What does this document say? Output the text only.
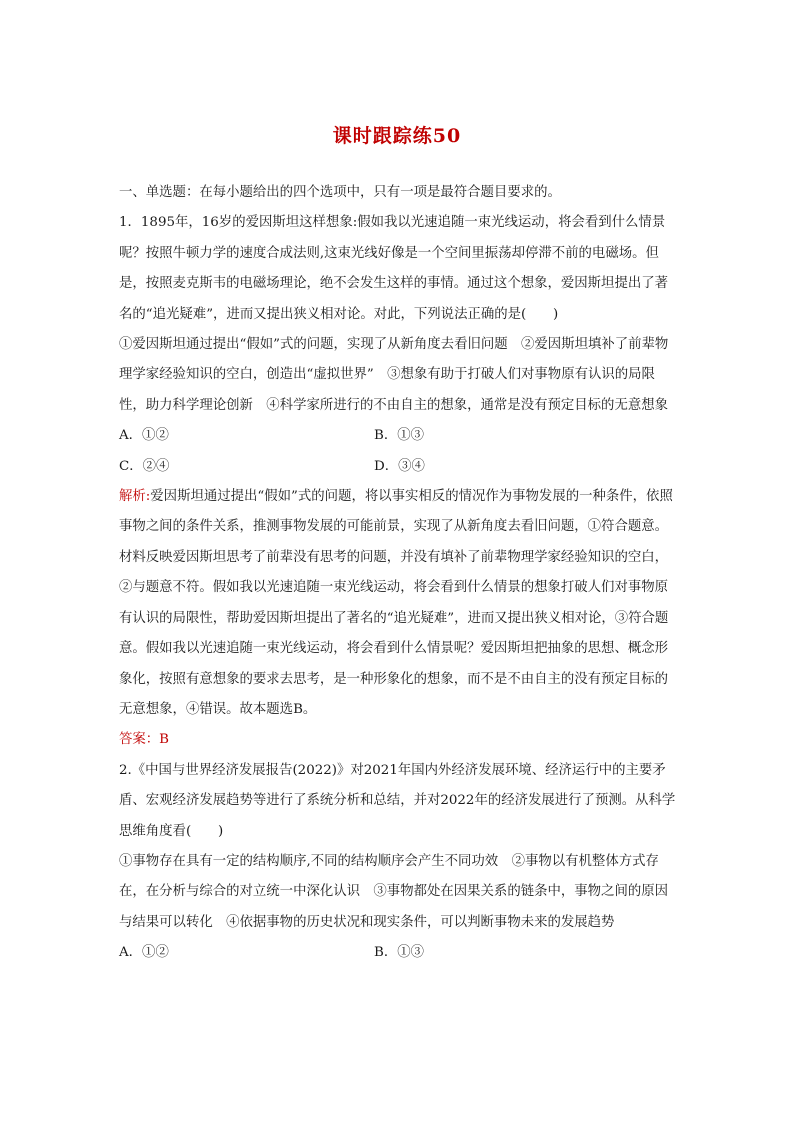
课时跟踪练50

一、单选题：在每小题给出的四个选项中，只有一项是最符合题目要求的。

1．1895年，16岁的爱因斯坦这样想象:假如我以光速追随一束光线运动，将会看到什么情景呢？按照牛顿力学的速度合成法则,这束光线好像是一个空间里振荡却停滞不前的电磁场。但是，按照麦克斯韦的电磁场理论，绝不会发生这样的事情。通过这个想象，爱因斯坦提出了著名的“追光疑难”，进而又提出狭义相对论。对此，下列说法正确的是(　　)

①爱因斯坦通过提出“假如”式的问题，实现了从新角度去看旧问题　②爱因斯坦填补了前辈物理学家经验知识的空白，创造出“虚拟世界”　③想象有助于打破人们对事物原有认识的局限性，助力科学理论创新　④科学家所进行的不由自主的想象，通常是没有预定目标的无意想象

A．①②	B．①③
C．②④	D．③④

解析:爱因斯坦通过提出“假如”式的问题，将以事实相反的情况作为事物发展的一种条件，依照事物之间的条件关系，推测事物发展的可能前景，实现了从新角度去看旧问题，①符合题意。材料反映爱因斯坦思考了前辈没有思考的问题，并没有填补了前辈物理学家经验知识的空白，②与题意不符。假如我以光速追随一束光线运动，将会看到什么情景的想象打破人们对事物原有认识的局限性，帮助爱因斯坦提出了著名的“追光疑难”，进而又提出狭义相对论，③符合题意。假如我以光速追随一束光线运动，将会看到什么情景呢？爱因斯坦把抽象的思想、概念形象化，按照有意想象的要求去思考，是一种形象化的想象，而不是不由自主的没有预定目标的无意想象，④错误。故本题选B。

答案：B

2.《中国与世界经济发展报告(2022)》对2021年国内外经济发展环境、经济运行中的主要矛盾、宏观经济发展趋势等进行了系统分析和总结，并对2022年的经济发展进行了预测。从科学思维角度看(　　)

①事物存在具有一定的结构顺序,不同的结构顺序会产生不同功效　②事物以有机整体方式存在，在分析与综合的对立统一中深化认识　③事物都处在因果关系的链条中，事物之间的原因与结果可以转化　④依据事物的历史状况和现实条件，可以判断事物未来的发展趋势

A．①②	B．①③
